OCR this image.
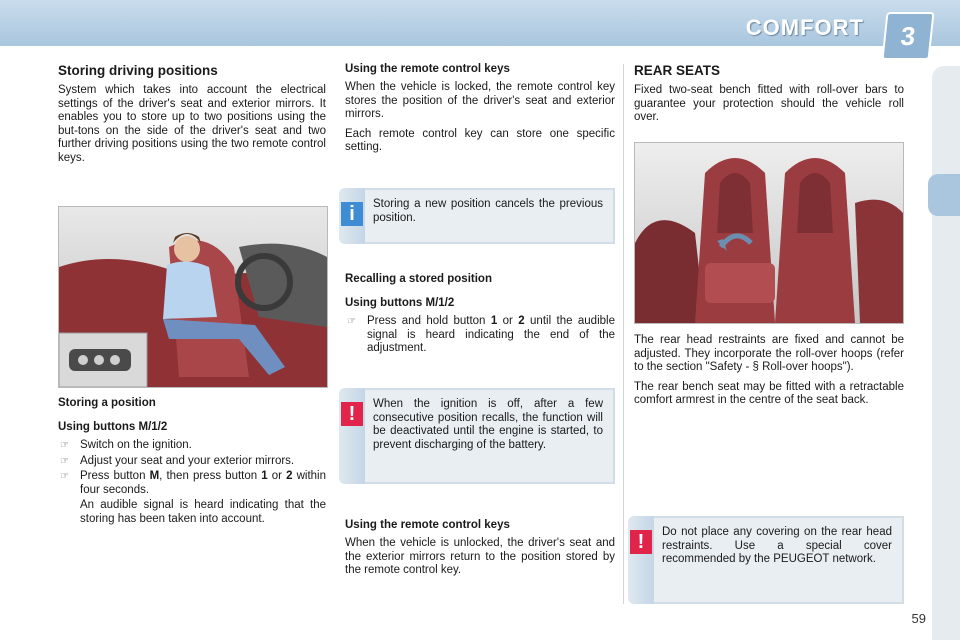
COMFORT	3
Storing driving positions

System which takes into account the electrical settings of the driver's seat and exterior mirrors. It enables you to store up to two positions using the but-tons on the side of the driver's seat and two further driving positions using the two remote control keys.

Storing a position
Using buttons M/1/2
☞ Switch on the ignition.
☞ Adjust your seat and your exterior mirrors.
☞ Press button M, then press button 1 or 2 within four seconds.

An audible signal is heard indicating that the storing has been taken into account.

Using the remote control keys

When the vehicle is locked, the remote control key stores the position of the driver's seat and exterior mirrors.

Each remote control key can store one specific setting.

i	Storing a new position cancels the previous position.
Recalling a stored position
Using buttons M/1/2
☞ Press and hold button 1 or 2 until the audible signal is heard indicating the end of the adjustment.
!	When the ignition is off, after a few consecutive position recalls, the function will be deactivated until the engine is started, to prevent discharging of the battery.
Using the remote control keys

When the vehicle is unlocked, the driver's seat and the exterior mirrors return to the position stored by the remote control key.

REAR SEATS

Fixed two-seat bench fitted with roll-over bars to guarantee your protection should the vehicle roll over.

The rear head restraints are fixed and cannot be adjusted. They incorporate the roll-over hoops (refer to the section "Safety - § Roll-over hoops").

The rear bench seat may be fitted with a retractable comfort armrest in the centre of the seat back.

!	Do not place any covering on the rear head restraints. Use a special cover recommended by the PEUGEOT network.
59
